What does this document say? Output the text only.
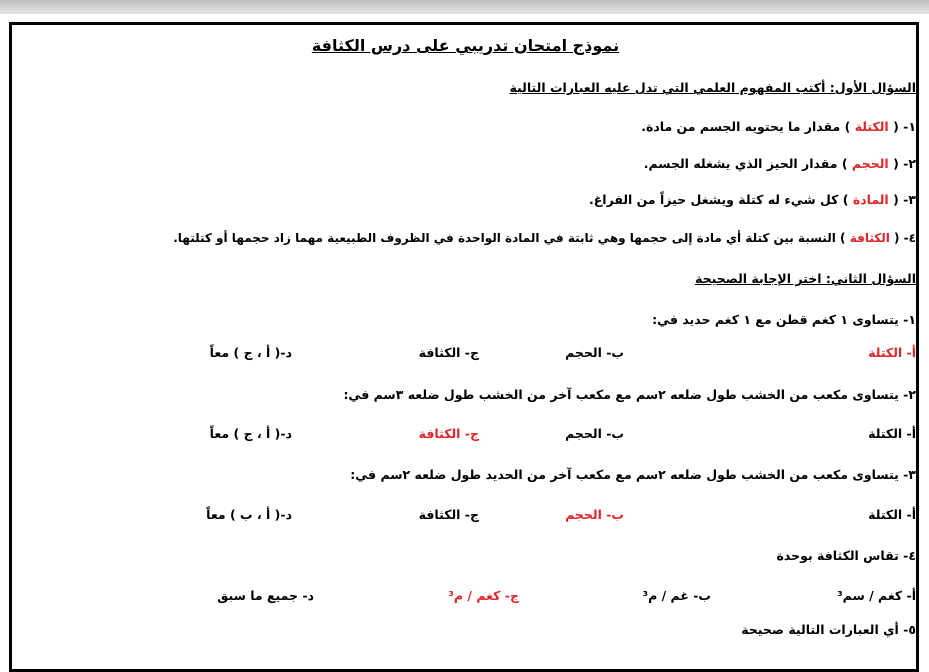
نموذج امتحان تدريبي على درس الكثافة
السؤال الأول: أكتب المفهوم العلمي التي تدل عليه العبارات التالية
١- ( الكتلة ) مقدار ما يحتويه الجسم من مادة.
٢- ( الحجم ) مقدار الحيز الذي يشغله الجسم.
٣- ( المادة ) كل شيء له كتلة ويشغل حيزاً من الفراغ.
٤- ( الكثافة ) النسبة بين كتلة أي مادة إلى حجمها وهي ثابتة في المادة الواحدة في الظروف الطبيعية مهما زاد حجمها أو كتلتها.
السؤال الثاني: اختر الإجابة الصحيحة
١- يتساوى ١ كغم قطن مع ١ كغم حديد في:
أ- الكتلة
ب- الحجم
ج- الكثافة
د-( أ ، ج ) معاً
٢- يتساوى مكعب من الخشب طول ضلعه ٢سم مع مكعب آخر من الخشب طول ضلعه ٣سم في:
أ- الكتلة
ب- الحجم
ج- الكثافة
د-( أ ، ج ) معاً
٣- يتساوى مكعب من الخشب طول ضلعه ٢سم مع مكعب آخر من الحديد طول ضلعه ٢سم في:
أ- الكتلة
ب- الحجم
ج- الكثافة
د-( أ ، ب ) معاً
٤- تقاس الكثافة بوحدة
أ- كغم / سم³
ب- غم / م³
ج- كغم / م³
د- جميع ما سبق
٥- أي العبارات التالية صحيحة
